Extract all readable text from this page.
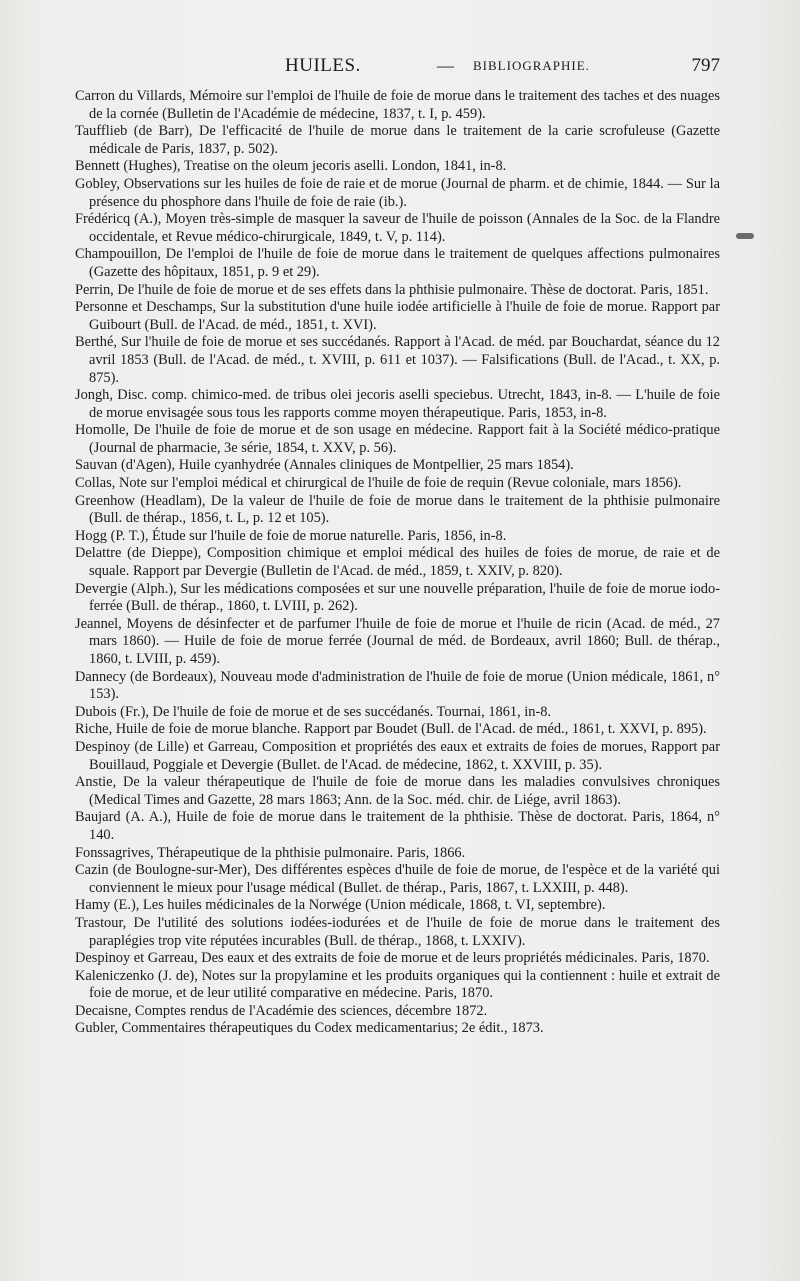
HUILES.	— BIBLIOGRAPHIE.	797
Carron du Villards, Mémoire sur l'emploi de l'huile de foie de morue dans le traitement des taches et des nuages de la cornée (Bulletin de l'Académie de médecine, 1837, t. I, p. 459).
Taufflieb (de Barr), De l'efficacité de l'huile de morue dans le traitement de la carie scrofuleuse (Gazette médicale de Paris, 1837, p. 502).
Bennett (Hughes), Treatise on the oleum jecoris aselli. London, 1841, in-8.
Gobley, Observations sur les huiles de foie de raie et de morue (Journal de pharm. et de chimie, 1844. — Sur la présence du phosphore dans l'huile de foie de raie (ib.).
Frédéricq (A.), Moyen très-simple de masquer la saveur de l'huile de poisson (Annales de la Soc. de la Flandre occidentale, et Revue médico-chirurgicale, 1849, t. V, p. 114).
Champouillon, De l'emploi de l'huile de foie de morue dans le traitement de quelques affections pulmonaires (Gazette des hôpitaux, 1851, p. 9 et 29).
Perrin, De l'huile de foie de morue et de ses effets dans la phthisie pulmonaire. Thèse de doctorat. Paris, 1851.
Personne et Deschamps, Sur la substitution d'une huile iodée artificielle à l'huile de foie de morue. Rapport par Guibourt (Bull. de l'Acad. de méd., 1851, t. XVI).
Berthé, Sur l'huile de foie de morue et ses succédanés. Rapport à l'Acad. de méd. par Bouchardat, séance du 12 avril 1853 (Bull. de l'Acad. de méd., t. XVIII, p. 611 et 1037). — Falsifications (Bull. de l'Acad., t. XX, p. 875).
Jongh, Disc. comp. chimico-med. de tribus olei jecoris aselli speciebus. Utrecht, 1843, in-8. — L'huile de foie de morue envisagée sous tous les rapports comme moyen thérapeutique. Paris, 1853, in-8.
Homolle, De l'huile de foie de morue et de son usage en médecine. Rapport fait à la Société médico-pratique (Journal de pharmacie, 3e série, 1854, t. XXV, p. 56).
Sauvan (d'Agen), Huile cyanhydrée (Annales cliniques de Montpellier, 25 mars 1854).
Collas, Note sur l'emploi médical et chirurgical de l'huile de foie de requin (Revue coloniale, mars 1856).
Greenhow (Headlam), De la valeur de l'huile de foie de morue dans le traitement de la phthisie pulmonaire (Bull. de thérap., 1856, t. L, p. 12 et 105).
Hogg (P. T.), Étude sur l'huile de foie de morue naturelle. Paris, 1856, in-8.
Delattre (de Dieppe), Composition chimique et emploi médical des huiles de foies de morue, de raie et de squale. Rapport par Devergie (Bulletin de l'Acad. de méd., 1859, t. XXIV, p. 820).
Devergie (Alph.), Sur les médications composées et sur une nouvelle préparation, l'huile de foie de morue iodo-ferrée (Bull. de thérap., 1860, t. LVIII, p. 262).
Jeannel, Moyens de désinfecter et de parfumer l'huile de foie de morue et l'huile de ricin (Acad. de méd., 27 mars 1860). — Huile de foie de morue ferrée (Journal de méd. de Bordeaux, avril 1860; Bull. de thérap., 1860, t. LVIII, p. 459).
Dannecy (de Bordeaux), Nouveau mode d'administration de l'huile de foie de morue (Union médicale, 1861, n° 153).
Dubois (Fr.), De l'huile de foie de morue et de ses succédanés. Tournai, 1861, in-8.
Riche, Huile de foie de morue blanche. Rapport par Boudet (Bull. de l'Acad. de méd., 1861, t. XXVI, p. 895).
Despinoy (de Lille) et Garreau, Composition et propriétés des eaux et extraits de foies de morues, Rapport par Bouillaud, Poggiale et Devergie (Bullet. de l'Acad. de médecine, 1862, t. XXVIII, p. 35).
Anstie, De la valeur thérapeutique de l'huile de foie de morue dans les maladies convulsives chroniques (Medical Times and Gazette, 28 mars 1863; Ann. de la Soc. méd. chir. de Liége, avril 1863).
Baujard (A. A.), Huile de foie de morue dans le traitement de la phthisie. Thèse de doctorat. Paris, 1864, n° 140.
Fonssagrives, Thérapeutique de la phthisie pulmonaire. Paris, 1866.
Cazin (de Boulogne-sur-Mer), Des différentes espèces d'huile de foie de morue, de l'espèce et de la variété qui conviennent le mieux pour l'usage médical (Bullet. de thérap., Paris, 1867, t. LXXIII, p. 448).
Hamy (E.), Les huiles médicinales de la Norwége (Union médicale, 1868, t. VI, septembre).
Trastour, De l'utilité des solutions iodées-iodurées et de l'huile de foie de morue dans le traitement des paraplégies trop vite réputées incurables (Bull. de thérap., 1868, t. LXXIV).
Despinoy et Garreau, Des eaux et des extraits de foie de morue et de leurs propriétés médicinales. Paris, 1870.
Kaleniczenko (J. de), Notes sur la propylamine et les produits organiques qui la contiennent : huile et extrait de foie de morue, et de leur utilité comparative en médecine. Paris, 1870.
Decaisne, Comptes rendus de l'Académie des sciences, décembre 1872.
Gubler, Commentaires thérapeutiques du Codex medicamentarius; 2e édit., 1873.
